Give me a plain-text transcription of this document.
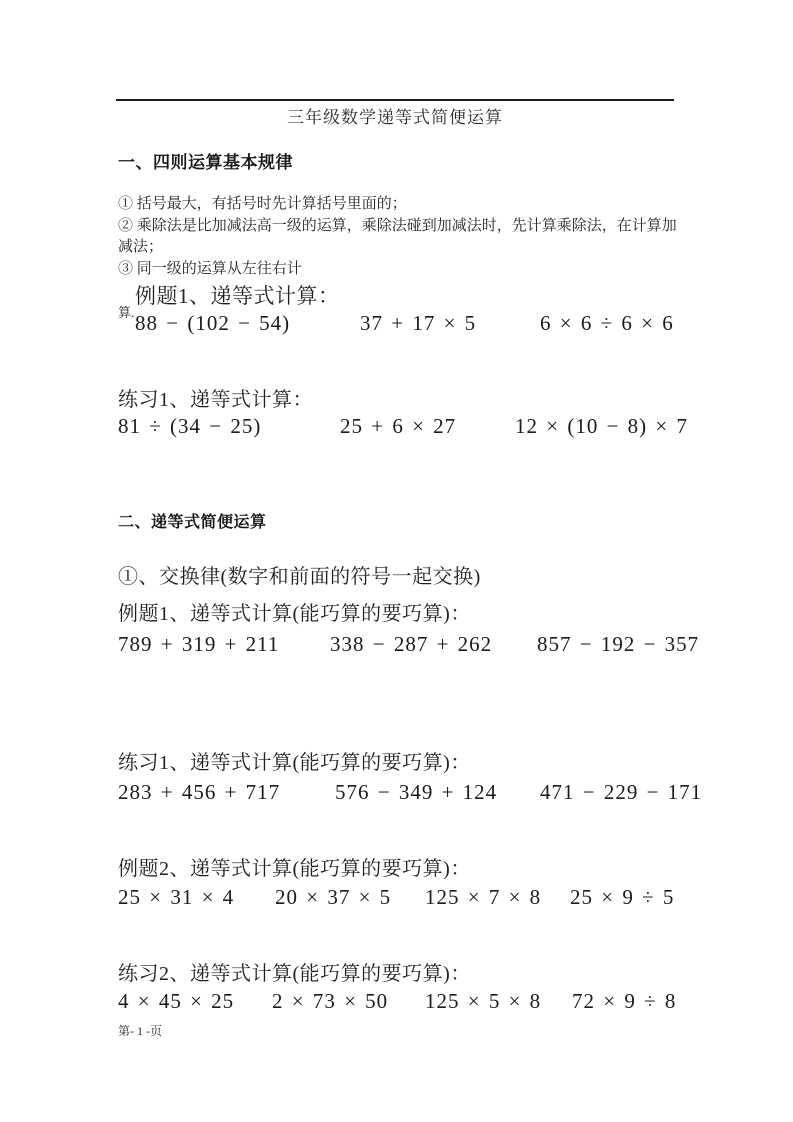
三年级数学递等式简便运算
一、四则运算基本规律
① 括号最大，有括号时先计算括号里面的；
② 乘除法是比加减法高一级的运算，乘除法碰到加减法时，先计算乘除法，在计算加减法；
③ 同一级的运算从左往右计
例题1、递等式计算：
算. 88 − (102 − 54)	37 + 17 × 5	6 × 6 ÷ 6 × 6
练习1、递等式计算：
81 ÷ (34 − 25)	25 + 6 × 27	12 × (10 − 8) × 7
二、递等式简便运算
①、交换律(数字和前面的符号一起交换)
例题1、递等式计算(能巧算的要巧算)：
789 + 319 + 211	338 − 287 + 262	857 − 192 − 357
练习1、递等式计算(能巧算的要巧算)：
283 + 456 + 717	576 − 349 + 124	471 − 229 − 171
例题2、递等式计算(能巧算的要巧算)：
25 × 31 × 4	20 × 37 × 5	125 × 7 × 8	25 × 9 ÷ 5
练习2、递等式计算(能巧算的要巧算)：
4 × 45 × 25	2 × 73 × 50	125 × 5 × 8	72 × 9 ÷ 8
第- 1 -页
